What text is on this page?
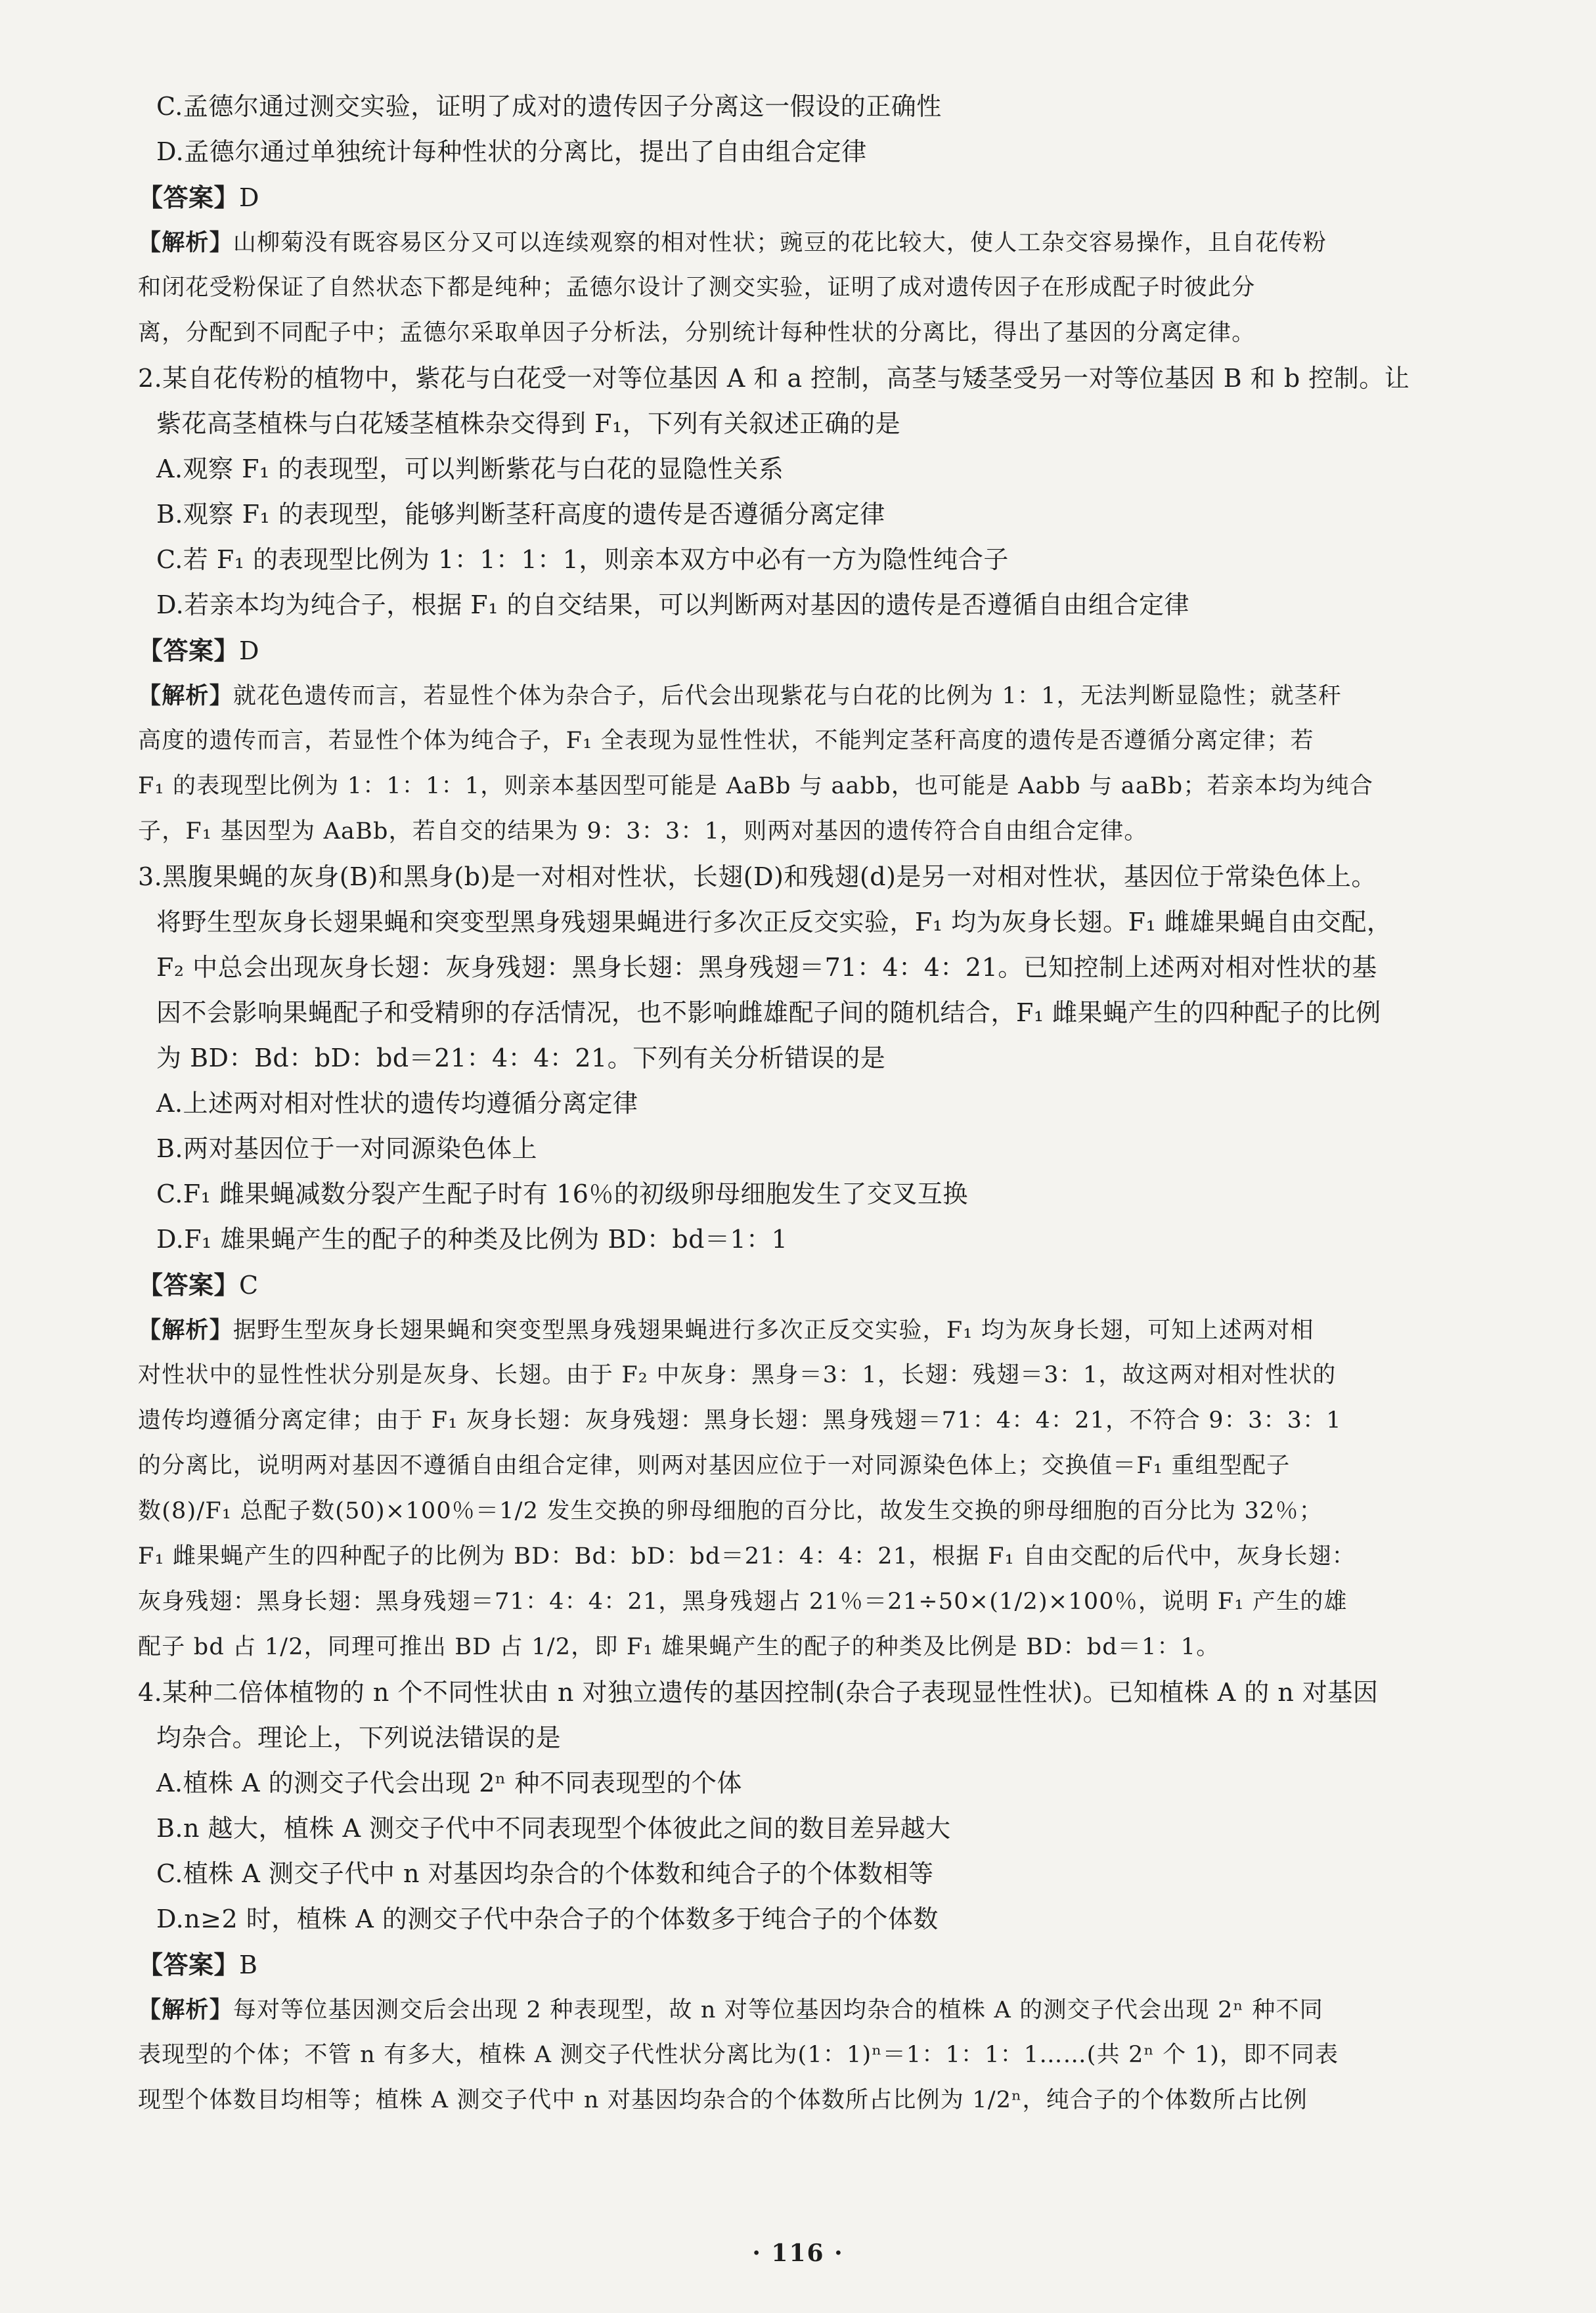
C.孟德尔通过测交实验，证明了成对的遗传因子分离这一假设的正确性
D.孟德尔通过单独统计每种性状的分离比，提出了自由组合定律
【答案】D
【解析】山柳菊没有既容易区分又可以连续观察的相对性状；豌豆的花比较大，使人工杂交容易操作，且自花传粉
和闭花受粉保证了自然状态下都是纯种；孟德尔设计了测交实验，证明了成对遗传因子在形成配子时彼此分
离，分配到不同配子中；孟德尔采取单因子分析法，分别统计每种性状的分离比，得出了基因的分离定律。
2.某自花传粉的植物中，紫花与白花受一对等位基因 A 和 a 控制，高茎与矮茎受另一对等位基因 B 和 b 控制。让
紫花高茎植株与白花矮茎植株杂交得到 F₁，下列有关叙述正确的是
A.观察 F₁ 的表现型，可以判断紫花与白花的显隐性关系
B.观察 F₁ 的表现型，能够判断茎秆高度的遗传是否遵循分离定律
C.若 F₁ 的表现型比例为 1：1：1：1，则亲本双方中必有一方为隐性纯合子
D.若亲本均为纯合子，根据 F₁ 的自交结果，可以判断两对基因的遗传是否遵循自由组合定律
【答案】D
【解析】就花色遗传而言，若显性个体为杂合子，后代会出现紫花与白花的比例为 1：1，无法判断显隐性；就茎秆
高度的遗传而言，若显性个体为纯合子，F₁ 全表现为显性性状，不能判定茎秆高度的遗传是否遵循分离定律；若
F₁ 的表现型比例为 1：1：1：1，则亲本基因型可能是 AaBb 与 aabb，也可能是 Aabb 与 aaBb；若亲本均为纯合
子，F₁ 基因型为 AaBb，若自交的结果为 9：3：3：1，则两对基因的遗传符合自由组合定律。
3.黑腹果蝇的灰身(B)和黑身(b)是一对相对性状，长翅(D)和残翅(d)是另一对相对性状，基因位于常染色体上。
将野生型灰身长翅果蝇和突变型黑身残翅果蝇进行多次正反交实验，F₁ 均为灰身长翅。F₁ 雌雄果蝇自由交配，
F₂ 中总会出现灰身长翅：灰身残翅：黑身长翅：黑身残翅＝71：4：4：21。已知控制上述两对相对性状的基
因不会影响果蝇配子和受精卵的存活情况，也不影响雌雄配子间的随机结合，F₁ 雌果蝇产生的四种配子的比例
为 BD：Bd：bD：bd＝21：4：4：21。下列有关分析错误的是
A.上述两对相对性状的遗传均遵循分离定律
B.两对基因位于一对同源染色体上
C.F₁ 雌果蝇减数分裂产生配子时有 16％的初级卵母细胞发生了交叉互换
D.F₁ 雄果蝇产生的配子的种类及比例为 BD：bd＝1：1
【答案】C
【解析】据野生型灰身长翅果蝇和突变型黑身残翅果蝇进行多次正反交实验，F₁ 均为灰身长翅，可知上述两对相
对性状中的显性性状分别是灰身、长翅。由于 F₂ 中灰身：黑身＝3：1，长翅：残翅＝3：1，故这两对相对性状的
遗传均遵循分离定律；由于 F₁ 灰身长翅：灰身残翅：黑身长翅：黑身残翅＝71：4：4：21，不符合 9：3：3：1
的分离比，说明两对基因不遵循自由组合定律，则两对基因应位于一对同源染色体上；交换值＝F₁ 重组型配子
数(8)/F₁ 总配子数(50)×100％＝1/2 发生交换的卵母细胞的百分比，故发生交换的卵母细胞的百分比为 32％；
F₁ 雌果蝇产生的四种配子的比例为 BD：Bd：bD：bd＝21：4：4：21，根据 F₁ 自由交配的后代中，灰身长翅：
灰身残翅：黑身长翅：黑身残翅＝71：4：4：21，黑身残翅占 21％＝21÷50×(1/2)×100％，说明 F₁ 产生的雄
配子 bd 占 1/2，同理可推出 BD 占 1/2，即 F₁ 雄果蝇产生的配子的种类及比例是 BD：bd＝1：1。
4.某种二倍体植物的 n 个不同性状由 n 对独立遗传的基因控制(杂合子表现显性性状)。已知植株 A 的 n 对基因
均杂合。理论上，下列说法错误的是
A.植株 A 的测交子代会出现 2ⁿ 种不同表现型的个体
B.n 越大，植株 A 测交子代中不同表现型个体彼此之间的数目差异越大
C.植株 A 测交子代中 n 对基因均杂合的个体数和纯合子的个体数相等
D.n≥2 时，植株 A 的测交子代中杂合子的个体数多于纯合子的个体数
【答案】B
【解析】每对等位基因测交后会出现 2 种表现型，故 n 对等位基因均杂合的植株 A 的测交子代会出现 2ⁿ 种不同
表现型的个体；不管 n 有多大，植株 A 测交子代性状分离比为(1：1)ⁿ＝1：1：1：1……(共 2ⁿ 个 1)，即不同表
现型个体数目均相等；植株 A 测交子代中 n 对基因均杂合的个体数所占比例为 1/2ⁿ，纯合子的个体数所占比例
· 116 ·
